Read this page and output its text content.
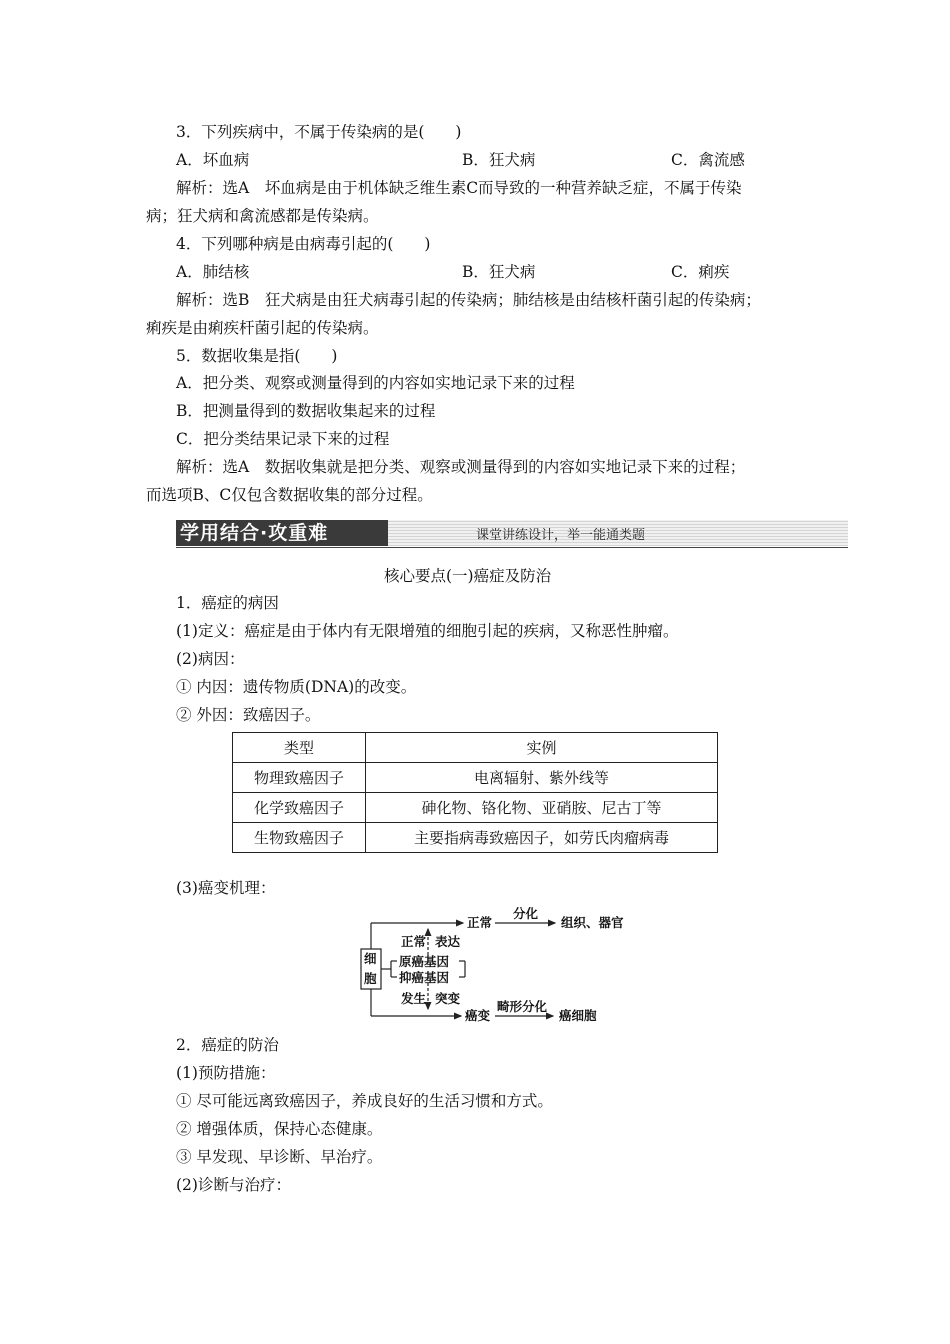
3．下列疾病中，不属于传染病的是(　　)
A．坏血病	B．狂犬病	C．禽流感
解析：选A　坏血病是由于机体缺乏维生素C而导致的一种营养缺乏症，不属于传染
病；狂犬病和禽流感都是传染病。
4．下列哪种病是由病毒引起的(　　)
A．肺结核	B．狂犬病	C．痢疾
解析：选B　狂犬病是由狂犬病毒引起的传染病；肺结核是由结核杆菌引起的传染病；
痢疾是由痢疾杆菌引起的传染病。
5．数据收集是指(　　)
A．把分类、观察或测量得到的内容如实地记录下来的过程
B．把测量得到的数据收集起来的过程
C．把分类结果记录下来的过程
解析：选A　数据收集就是把分类、观察或测量得到的内容如实地记录下来的过程；
而选项B、C仅包含数据收集的部分过程。
学用结合·攻重难	课堂讲练设计，举一能通类题
核心要点(一)癌症及防治
1．癌症的病因
(1)定义：癌症是由于体内有无限增殖的细胞引起的疾病，又称恶性肿瘤。
(2)病因：
① 内因：遗传物质(DNA)的改变。
② 外因：致癌因子。
类型	实例
物理致癌因子	电离辐射、紫外线等
化学致癌因子	砷化物、铬化物、亚硝胺、尼古丁等
生物致癌因子	主要指病毒致癌因子，如劳氏肉瘤病毒
(3)癌变机理：
细
胞
正常
分化
组织、器官
正常 表达
原癌基因
抑癌基因
发生 突变
癌变
畸形分化
癌细胞
2．癌症的防治
(1)预防措施：
① 尽可能远离致癌因子，养成良好的生活习惯和方式。
② 增强体质，保持心态健康。
③ 早发现、早诊断、早治疗。
(2)诊断与治疗：
